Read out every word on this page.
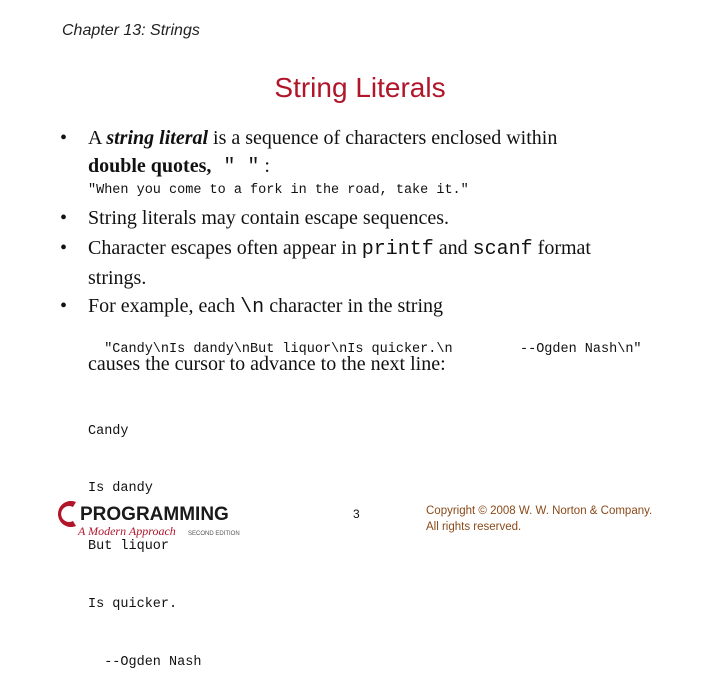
Chapter 13: Strings
String Literals
• A string literal is a sequence of characters enclosed within
double quotes, " " :
"When you come to a fork in the road, take it."
• String literals may contain escape sequences.
• Character escapes often appear in printf and scanf format
strings.
• For example, each \n character in the string

"Candy\nIs dandy\nBut liquor\nIs quicker.\n	--Ogden Nash\n"

causes the cursor to advance to the next line:

Candy

Is dandy

But liquor

Is quicker.

--Ogden Nash

PROGRAMMING
A Modern Approach SECOND EDITION
3	Copyright © 2008 W. W. Norton & Company.
All rights reserved.
